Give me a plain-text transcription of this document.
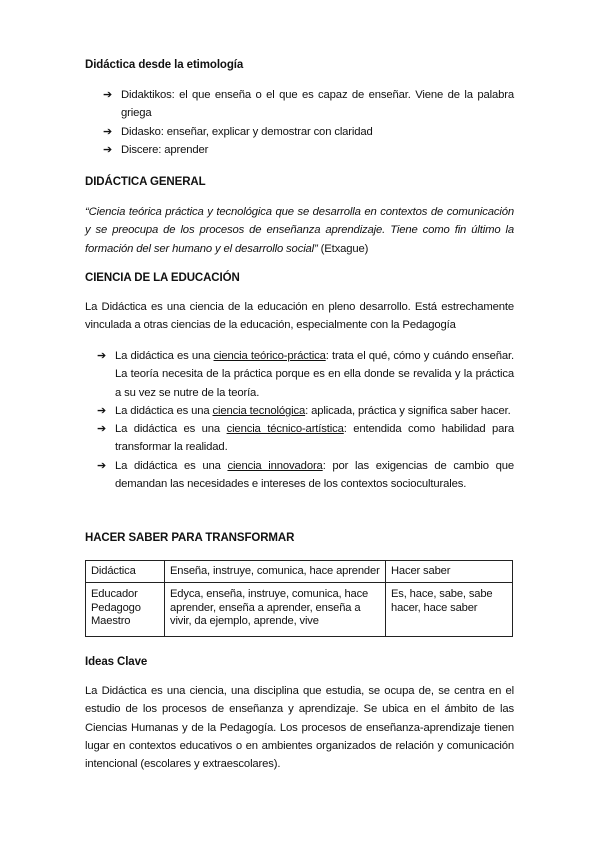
Didáctica desde la etimología
➔ Didaktikos: el que enseña o el que es capaz de enseñar. Viene de la palabra griega
➔ Didasko: enseñar, explicar y demostrar con claridad
➔ Discere: aprender
DIDÁCTICA GENERAL
“Ciencia teórica práctica y tecnológica que se desarrolla en contextos de comunicación y se preocupa de los procesos de enseñanza aprendizaje. Tiene como fin último la formación del ser humano y el desarrollo social” (Etxague)
CIENCIA DE LA EDUCACIÓN
La Didáctica es una ciencia de la educación en pleno desarrollo. Está estrechamente vinculada a otras ciencias de la educación, especialmente con la Pedagogía
➔ La didáctica es una ciencia teórico-práctica: trata el qué, cómo y cuándo enseñar. La teoría necesita de la práctica porque es en ella donde se revalida y la práctica a su vez se nutre de la teoría.
➔ La didáctica es una ciencia tecnológica: aplicada, práctica y significa saber hacer.
➔ La didáctica es una ciencia técnico-artística: entendida como habilidad para transformar la realidad.
➔ La didáctica es una ciencia innovadora: por las exigencias de cambio que demandan las necesidades e intereses de los contextos socioculturales.
HACER SABER PARA TRANSFORMAR
Didáctica	Enseña, instruye, comunica, hace aprender	Hacer saber

Educador
Pedagogo
Maestro	Edyca, enseña, instruye, comunica, hace aprender, enseña a aprender, enseña a vivir, da ejemplo, aprende, vive	Es, hace, sabe, sabe hacer, hace saber
Ideas Clave
La Didáctica es una ciencia, una disciplina que estudia, se ocupa de, se centra en el estudio de los procesos de enseñanza y aprendizaje. Se ubica en el ámbito de las Ciencias Humanas y de la Pedagogía. Los procesos de enseñanza-aprendizaje tienen lugar en contextos educativos o en ambientes organizados de relación y comunicación intencional (escolares y extraescolares).
